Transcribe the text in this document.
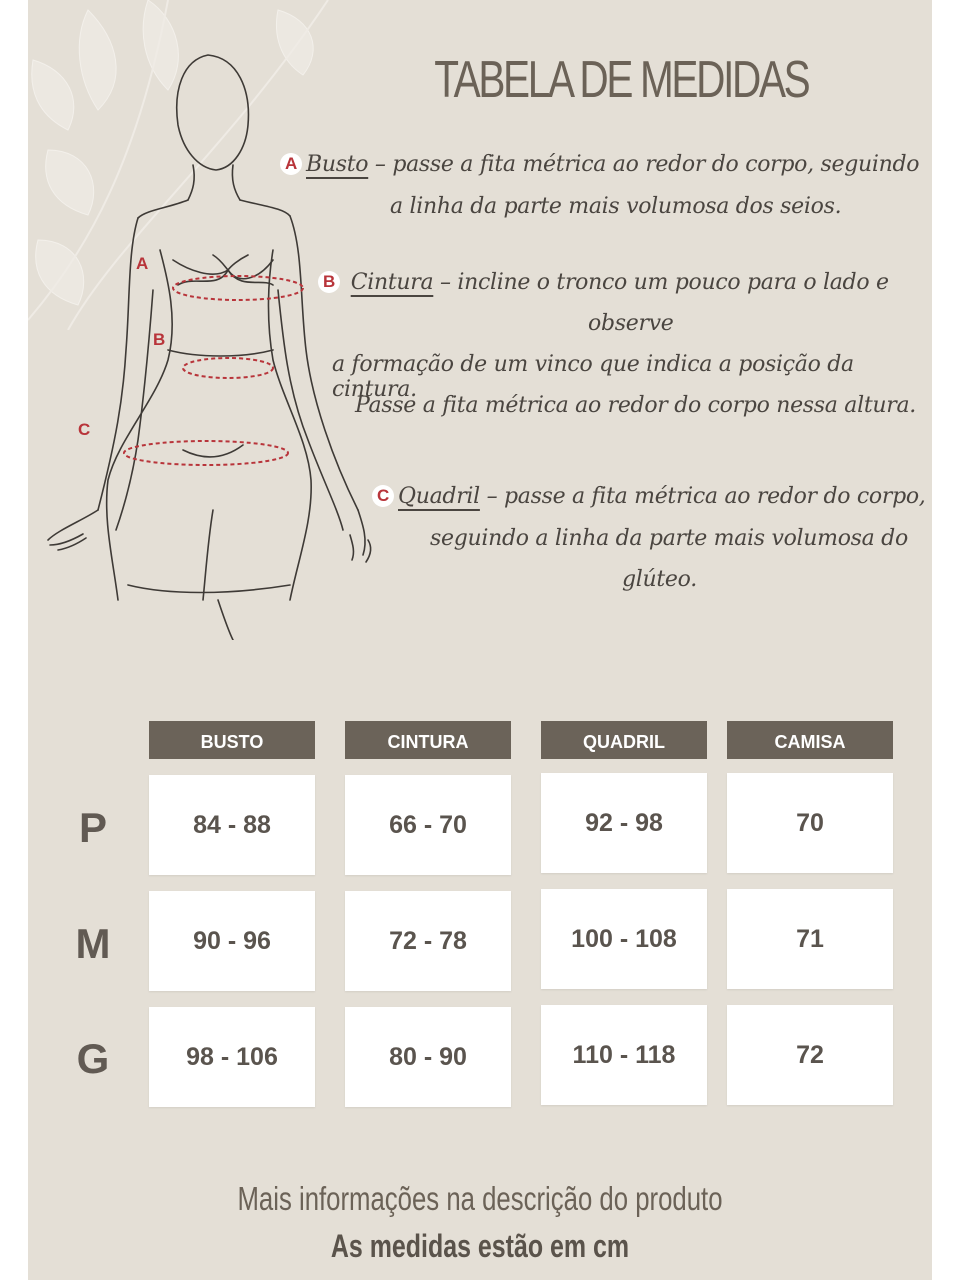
A
B
C
TABELA DE MEDIDAS
A Busto – passe a fita métrica ao redor do corpo, seguindo
a linha da parte mais volumosa dos seios.
B Cintura – incline o tronco um pouco para o lado e
observe
a formação de um vinco que indica a posição da cintura.
Passe a fita métrica ao redor do corpo nessa altura.
C Quadril – passe a fita métrica ao redor do corpo,
seguindo a linha da parte mais volumosa do
glúteo.
BUSTO	CINTURA	QUADRIL	CAMISA
P	84 - 88	66 - 70	92 - 98	70
M	90 - 96	72 - 78	100 - 108	71
G	98 - 106	80 - 90	110 - 118	72
Mais informações na descrição do produto
As medidas estão em cm
